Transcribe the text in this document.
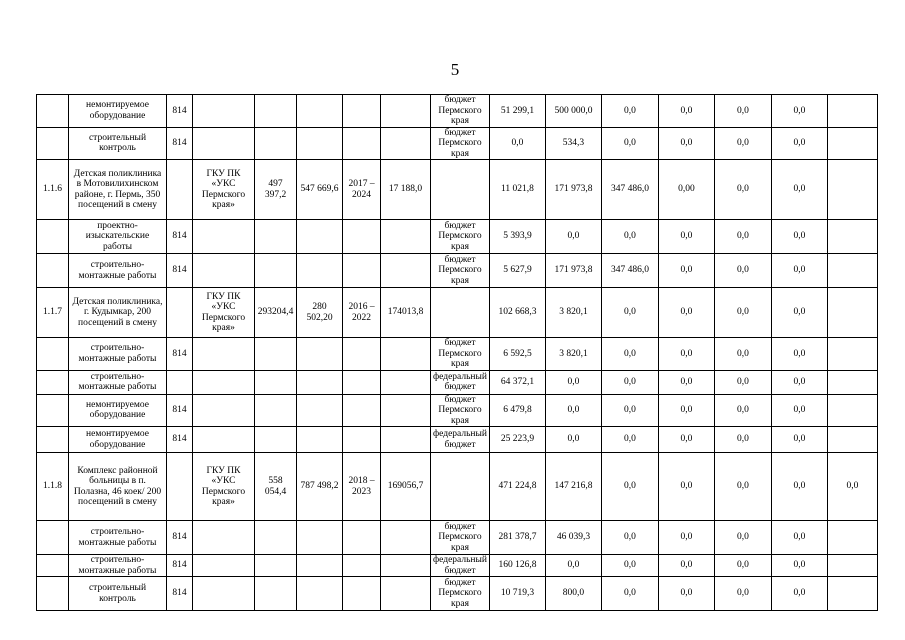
5
	немонтируемое оборудование	814						бюджет Пермского края	51 299,1	500 000,0	0,0	0,0	0,0	0,0	
	строительный контроль	814						бюджет Пермского края	0,0	534,3	0,0	0,0	0,0	0,0	
1.1.6	Детская поликлиника в Мотовилихинском районе, г. Пермь, 350 посещений в смену		ГКУ ПК «УКС Пермского края»	497 397,2	547 669,6	2017 – 2024	17 188,0		11 021,8	171 973,8	347 486,0	0,00	0,0	0,0	
	проектно-изыскательские работы	814						бюджет Пермского края	5 393,9	0,0	0,0	0,0	0,0	0,0	
	строительно-монтажные работы	814						бюджет Пермского края	5 627,9	171 973,8	347 486,0	0,0	0,0	0,0	
1.1.7	Детская поликлиника, г. Кудымкар, 200 посещений в смену		ГКУ ПК «УКС Пермского края»	293204,4	280 502,20	2016 – 2022	174013,8		102 668,3	3 820,1	0,0	0,0	0,0	0,0	
	строительно-монтажные работы	814						бюджет Пермского края	6 592,5	3 820,1	0,0	0,0	0,0	0,0	
	строительно-монтажные работы							федеральный бюджет	64 372,1	0,0	0,0	0,0	0,0	0,0	
	немонтируемое оборудование	814						бюджет Пермского края	6 479,8	0,0	0,0	0,0	0,0	0,0	
	немонтируемое оборудование	814						федеральный бюджет	25 223,9	0,0	0,0	0,0	0,0	0,0	
1.1.8	Комплекс районной больницы в п. Полазна, 46 коек/ 200 посещений в смену		ГКУ ПК «УКС Пермского края»	558 054,4	787 498,2	2018 – 2023	169056,7		471 224,8	147 216,8	0,0	0,0	0,0	0,0	0,0
	строительно-монтажные работы	814						бюджет Пермского края	281 378,7	46 039,3	0,0	0,0	0,0	0,0	
	строительно-монтажные работы	814						федеральный бюджет	160 126,8	0,0	0,0	0,0	0,0	0,0	
	строительный контроль	814						бюджет Пермского края	10 719,3	800,0	0,0	0,0	0,0	0,0	
